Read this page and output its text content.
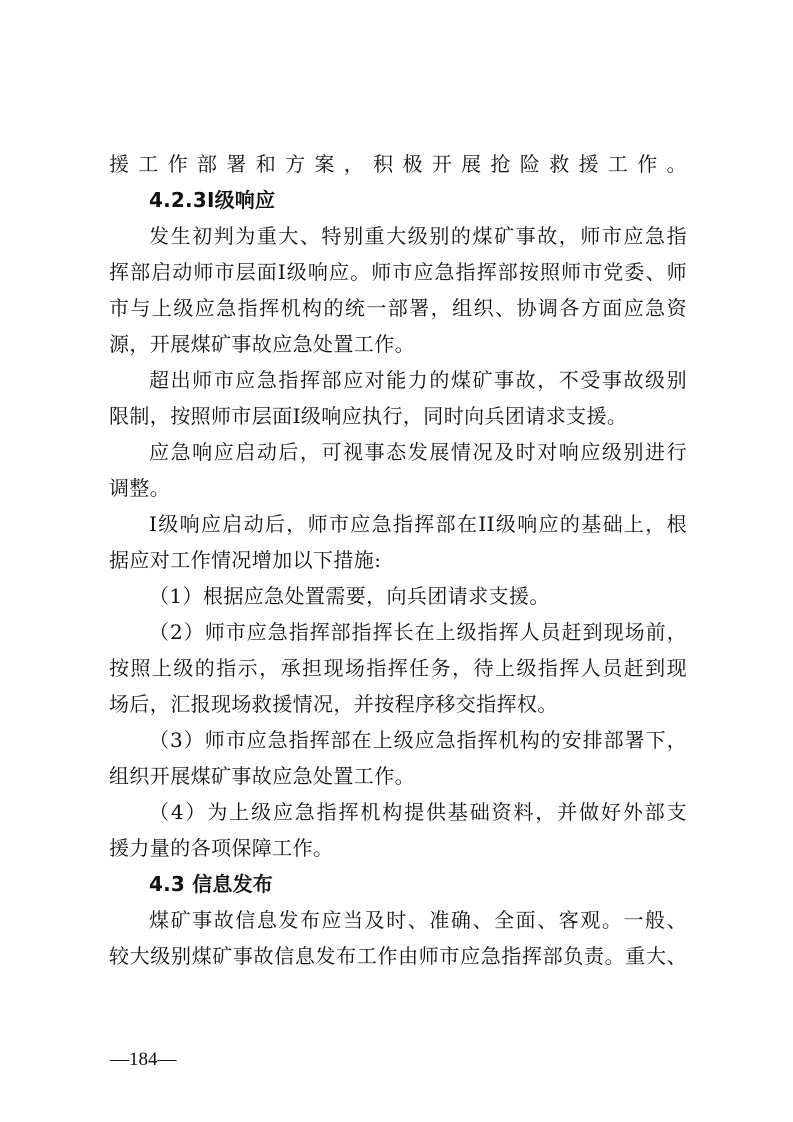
援工作部署和方案，积极开展抢险救援工作。
4.2.3I级响应
发生初判为重大、特别重大级别的煤矿事故，师市应急指
挥部启动师市层面I级响应。师市应急指挥部按照师市党委、师
市与上级应急指挥机构的统一部署，组织、协调各方面应急资
源，开展煤矿事故应急处置工作。
超出师市应急指挥部应对能力的煤矿事故，不受事故级别
限制，按照师市层面I级响应执行，同时向兵团请求支援。
应急响应启动后，可视事态发展情况及时对响应级别进行
调整。
I级响应启动后，师市应急指挥部在II级响应的基础上，根
据应对工作情况增加以下措施:
（1）根据应急处置需要，向兵团请求支援。
（2）师市应急指挥部指挥长在上级指挥人员赶到现场前，
按照上级的指示，承担现场指挥任务，待上级指挥人员赶到现
场后，汇报现场救援情况，并按程序移交指挥权。
（3）师市应急指挥部在上级应急指挥机构的安排部署下，
组织开展煤矿事故应急处置工作。
（4）为上级应急指挥机构提供基础资料，并做好外部支
援力量的各项保障工作。
4.3 信息发布
煤矿事故信息发布应当及时、准确、全面、客观。一般、
较大级别煤矿事故信息发布工作由师市应急指挥部负责。重大、
—184—
